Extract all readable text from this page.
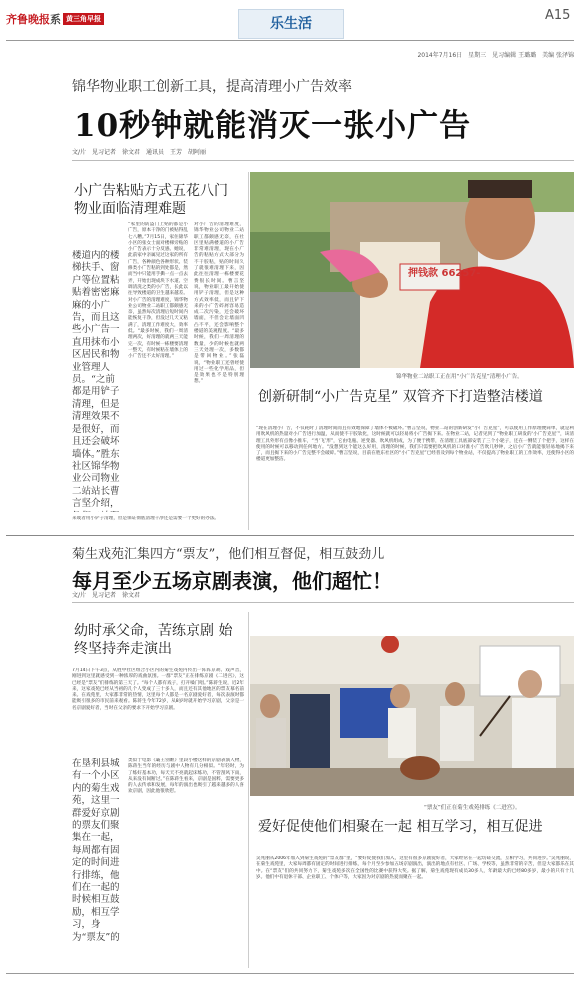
齐鲁晚报系 黄三角早报	乐生活
A15
2014年7月16日　星期三　见习编辑 王璐璐　美编 张泽锦
锦华物业职工创新工具，提高清理小广告效率
10秒钟就能消灭一张小广告
文/片　见习记者　徐文君　通讯员　王芳　胡阿丽
小广告粘贴方式五花八门 物业面临清理难题
楼道内的楼梯扶手、窗户等位置粘贴着密密麻麻的小广告，而且这些小广告一直用抹布小区居民和物业管理人员。“之前都是用铲子清理，但是清理效果不是很好，而且还会破坏墙体。”胜东社区锦华物业公司物业二站站长曹言坚介绍，
“家里的防盗门上贴的都是小广告，原本干净的门被贴得乱七八糟。”7月15日，家住锦华小区的张女士面对楼梯旁贴的小广告表示十分反感。她说，此前家中亲属见过这家的所有广告，各种颜色各种形状、装修类小广告粘的到处都是，然而当中只能用手撕一点一点去弄，开始出现成块下水道、空调清洗之类的小广告，长此以往导致楼道的卫生越来越差。对小广告的清理难度，锦华物业公司物业二站职工都颇感无奈，虽然每次清理后短时间内能恢复干净，但没过几天又粘满了，清理工作难度大，效率低。“最多时候，我们一周清理两次，好清理的就两三天能完一次，有时候一栋楼要清理一整天，有时候粘在墙体上的小广告还不太好清理。”
对小广告的清理难度，锦华物业公司物业二站职工都颇感无奈，在社区里贴满楼道的小广告非常难清理，现在小广告的粘贴方式大部分为不干胶粘，贴的时间久了就很难清理下来，因此往往清理一栋楼要花费很长时间。曹言坚说，物业职工最开始使用铲子清理，但是这种方式效率低，而且铲下来的小广告碎屑容易造成二次污染，还会破坏墙面，不但会让墙面凹凸不平，还会影响整个楼道的美观程度。“最多时候，我们一周清理的数量，少的时候也就两三天处理一次，多数都是带回物业。”张磊说，“物业职工还曾经使用过一些化学用品，但是效果也不是特别理想。”
来或者用小铲子清理，但是保证彻底清理干净还是需要一个更好的办法。
押钱款 66257-
锦华物业二站职工正在用“小广告克星”清理小广告。
创新研制“小广告克星” 双管齐下打造整洁楼道
“现在清理小广告，不仅耗时了清理时间而且有效地保障了墙体不被破坏。”曹言坚说，物业二站的创新研发“小广告克星”，可以使用工作原理便简单，就是利用吹风机的热量对小广告进行加温，从而使不干胶软化，这时候就可以轻易将小广告揭下来。在物业二站，记者见到了“物业职工研发的‘小广告克星’”，该清理工具外形有点像小推车，“当‘飞’形”，它由电瓶、逆变器、吹风机组成，为了便于携带，在清理工具底部安装了三个小轮子，还在一侧装了个把手，这样在使用的时候可以移动到任何地方。“没想到这个能这么好用，清理的时候，我们只需要把吹风机的口对准小广告吹几秒钟，之后小广告就能很轻易地揭下来了，而且揭下来的小广告完整不会破碎。”曹言坚说，目前在胜东社区的“小广告克星”已经普及到每个物业站，不仅提高了物业职工的工作效率，还使得小区的楼道更加整洁。
菊生戏苑汇集四方“票友”，他们相互督促，相互鼓劲儿
每月至少五场京剧表演，他们超忙！
文/片　见习记者　徐文君
幼时承父命，苦练京剧 始终坚持奔走演出
7月14日下午3点，从胜中社区组合小区内的菊生戏苑内传出一阵阵京胡、戏声音，刚进到这里就感受到一种浓厚的戏曲氛围。一群“票友”正在排练京剧《二进宫》，这已经是“票友”们排练的第三天了。“每个人都有戏子，打开嗓门唱。”陈蒋生说，近2年来，这家戏苑已经从当初的几个人变成了三十多人，而且还有其他地区的票友慕名前来。在戏苑里，大家都非常的热情，这里每个人都是一名京剧爱好者，每次表演时都能吸引很多的市民前来观看。陈蒋生今年72岁，从8岁时就开始学习京剧，父亲是一名京剧爱好者，当时在父亲的要求下开始学习京剧。
在垦利县城有一个小区内的菊生戏苑，这里一群爱好京剧的票友们聚集在一起，每周都有固定的时间进行排练，他们在一起的时候相互鼓励，相互学习，身为“票友”的
类似于电影《霸王别姬》里段小楼这样的京剧表演人物，陈蒋生当年的经历与剧中人物有几分相似。“年轻时，为了练好基本功，每天天不亮就起床练功，不管刮风下雨，从来没有间断过。”在陈蒋生看来，京剧是国粹，需要更多的人去传承和发展，每年的演出也吸引了越来越多的人喜欢京剧，因此他很欣慰。
“票友”们正在菊生戏苑排练《二进宫》。
爱好促使他们相聚在一起 相互学习，相互促进
吴兆丽从2006年加入到菊生戏苑的“票友群”里，“要好促使我们加入，这里有很多京剧爱好者，大家经常在一起切磋交流，互相学习，共同进步。”吴兆丽说，在菊生戏苑里，大家每周都有固定的时间进行排练，每个月至少参加五场京剧演出，演出的地点有社区、广场、学校等，虽然非常的辛苦，但是大家都乐在其中。在“票友”们的共同努力下，菊生戏苑多次在全国性的比赛中获得大奖。据了解，菊生戏苑现有成员30多人，年龄最大的已经80多岁，最小的只有十几岁。他们中有退休干部、企业职工、个体户等，大家因为对京剧的热爱而聚在一起。
